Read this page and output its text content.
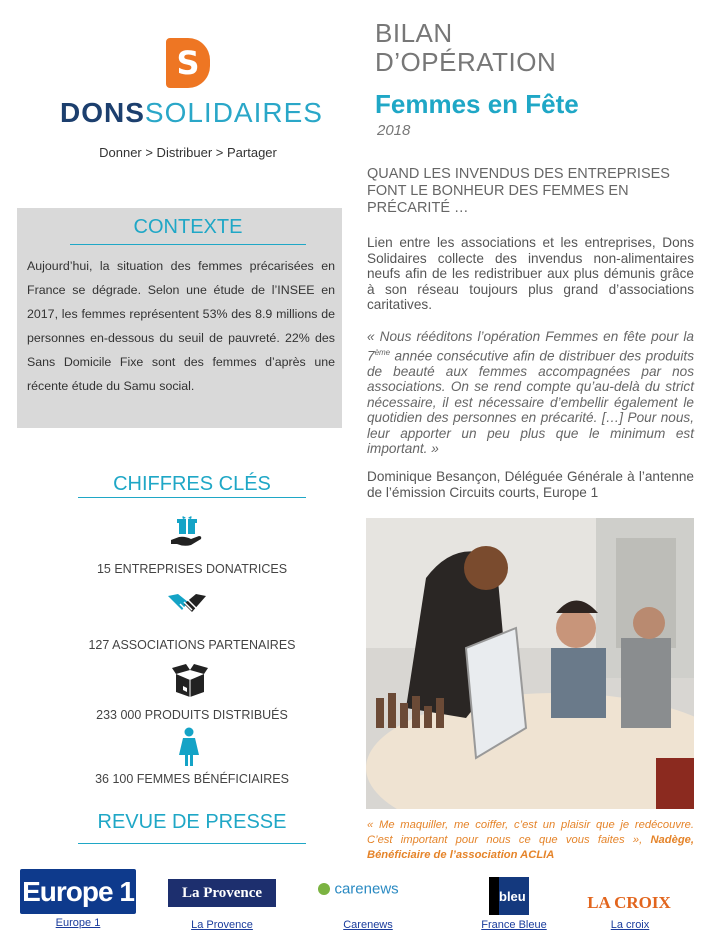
S
DONSSOLIDAIRES
Donner > Distribuer > Partager
CONTEXTE
Aujourd’hui, la situation des femmes précarisées en France se dégrade. Selon une étude de l’INSEE en 2017, les femmes représentent 53% des 8.9 millions de personnes en-dessous du seuil de pauvreté. 22% des Sans Domicile Fixe sont des femmes d’après une récente étude du Samu social.
CHIFFRES CLÉS
15 ENTREPRISES DONATRICES
127 ASSOCIATIONS PARTENAIRES
233 000 PRODUITS DISTRIBUÉS
36 100 FEMMES BÉNÉFICIAIRES
REVUE DE PRESSE
Europe 1
Europe 1
La Provence
La Provence
carenews
Carenews
bleu
France Bleue
LA CROIX
La croix
BILAN
D’OPÉRATION
Femmes en Fête
2018
QUAND LES INVENDUS DES ENTREPRISES FONT LE BONHEUR DES FEMMES EN PRÉCARITÉ …
Lien entre les associations et les entreprises, Dons Solidaires collecte des invendus non-alimentaires neufs afin de les redistribuer aux plus démunis grâce à son réseau toujours plus grand d’associations caritatives.
« Nous rééditons l’opération Femmes en fête pour la 7ème année consécutive afin de distribuer des produits de beauté aux femmes accompagnées par nos associations. On se rend compte qu’au-delà du strict nécessaire, il est nécessaire d’embellir également le quotidien des personnes en précarité. […] Pour nous, leur apporter un peu plus que le minimum est important. »
Dominique Besançon, Déléguée Générale à l’antenne de l’émission Circuits courts, Europe 1
« Me maquiller, me coiffer, c’est un plaisir que je redécouvre. C’est important pour nous ce que vous faites », Nadège, Bénéficiaire de l’association ACLIA
